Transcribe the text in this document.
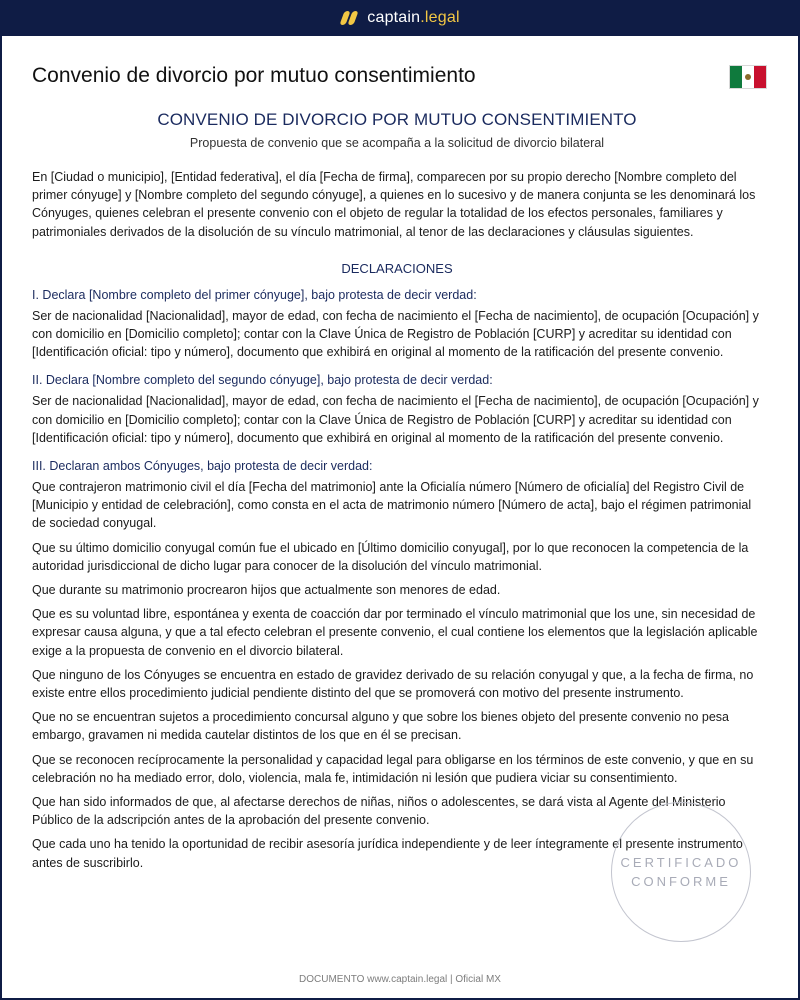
captain.legal
Convenio de divorcio por mutuo consentimiento
CONVENIO DE DIVORCIO POR MUTUO CONSENTIMIENTO
Propuesta de convenio que se acompaña a la solicitud de divorcio bilateral

En [Ciudad o municipio], [Entidad federativa], el día [Fecha de firma], comparecen por su propio derecho [Nombre completo del primer cónyuge] y [Nombre completo del segundo cónyuge], a quienes en lo sucesivo y de manera conjunta se les denominará los Cónyuges, quienes celebran el presente convenio con el objeto de regular la totalidad de los efectos personales, familiares y patrimoniales derivados de la disolución de su vínculo matrimonial, al tenor de las declaraciones y cláusulas siguientes.

DECLARACIONES
I. Declara [Nombre completo del primer cónyuge], bajo protesta de decir verdad:

Ser de nacionalidad [Nacionalidad], mayor de edad, con fecha de nacimiento el [Fecha de nacimiento], de ocupación [Ocupación] y con domicilio en [Domicilio completo]; contar con la Clave Única de Registro de Población [CURP] y acreditar su identidad con [Identificación oficial: tipo y número], documento que exhibirá en original al momento de la ratificación del presente convenio.

II. Declara [Nombre completo del segundo cónyuge], bajo protesta de decir verdad:

Ser de nacionalidad [Nacionalidad], mayor de edad, con fecha de nacimiento el [Fecha de nacimiento], de ocupación [Ocupación] y con domicilio en [Domicilio completo]; contar con la Clave Única de Registro de Población [CURP] y acreditar su identidad con [Identificación oficial: tipo y número], documento que exhibirá en original al momento de la ratificación del presente convenio.

III. Declaran ambos Cónyuges, bajo protesta de decir verdad:

Que contrajeron matrimonio civil el día [Fecha del matrimonio] ante la Oficialía número [Número de oficialía] del Registro Civil de [Municipio y entidad de celebración], como consta en el acta de matrimonio número [Número de acta], bajo el régimen patrimonial de sociedad conyugal.

Que su último domicilio conyugal común fue el ubicado en [Último domicilio conyugal], por lo que reconocen la competencia de la autoridad jurisdiccional de dicho lugar para conocer de la disolución del vínculo matrimonial.

Que durante su matrimonio procrearon hijos que actualmente son menores de edad.

Que es su voluntad libre, espontánea y exenta de coacción dar por terminado el vínculo matrimonial que los une, sin necesidad de expresar causa alguna, y que a tal efecto celebran el presente convenio, el cual contiene los elementos que la legislación aplicable exige a la propuesta de convenio en el divorcio bilateral.

Que ninguno de los Cónyuges se encuentra en estado de gravidez derivado de su relación conyugal y que, a la fecha de firma, no existe entre ellos procedimiento judicial pendiente distinto del que se promoverá con motivo del presente instrumento.

Que no se encuentran sujetos a procedimiento concursal alguno y que sobre los bienes objeto del presente convenio no pesa embargo, gravamen ni medida cautelar distintos de los que en él se precisan.

Que se reconocen recíprocamente la personalidad y capacidad legal para obligarse en los términos de este convenio, y que en su celebración no ha mediado error, dolo, violencia, mala fe, intimidación ni lesión que pudiera viciar su consentimiento.

Que han sido informados de que, al afectarse derechos de niñas, niños o adolescentes, se dará vista al Agente del Ministerio Público de la adscripción antes de la aprobación del presente convenio.

Que cada uno ha tenido la oportunidad de recibir asesoría jurídica independiente y de leer íntegramente el presente instrumento antes de suscribirlo.	CERTIFICADO
CONFORME
DOCUMENTO www.captain.legal | Oficial MX
